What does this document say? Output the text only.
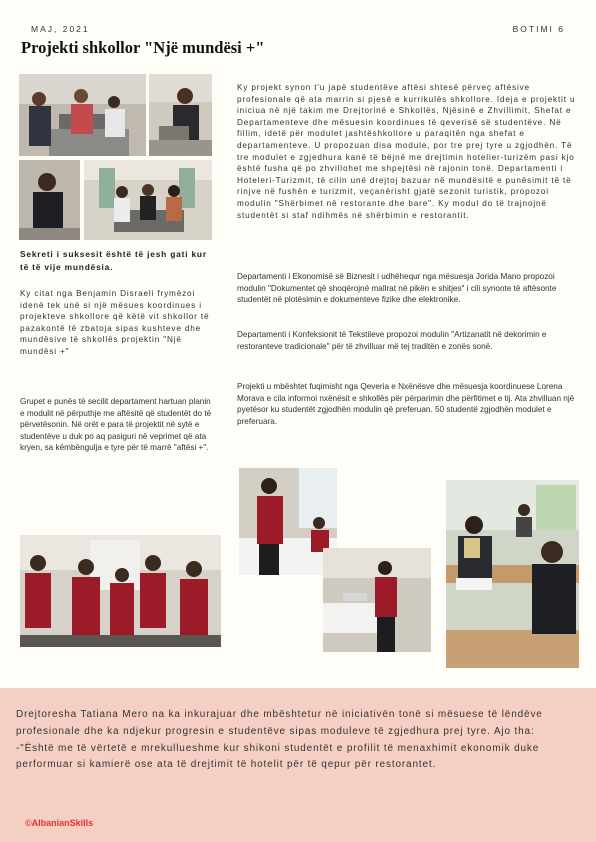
MAJ, 2021	BOTIMI 6
Projekti shkollor "Një mundësi +"

Sekreti i suksesit është të jesh gati kur të të vije mundësia.

Ky citat nga Benjamin Disraeli frymëzoi idenë tek unë si një mësues koordinues i projekteve shkollore që këtë vit shkollor të pazakontë të zbatoja sipas kushteve dhe mundësive të shkollës projektin "Një mundësi +"

Grupet e punës të secilit departament hartuan planin e modulit në përputhje me aftësitë që studentët do të përvetësonin. Në orët e para të projektit në sytë e studentëve u duk po aq pasiguri në veprimet që ata kryen, sa këmbëngulja e tyre për të marrë "aftësi +".

Ky projekt synon t'u japë studentëve aftësi shtesë përveç aftësive profesionale që ata marrin si pjesë e kurrikulës shkollore. Ideja e projektit u iniciua në një takim me Drejtorinë e Shkollës, Njësinë e Zhvillimit, Shefat e Departamenteve dhe mësuesin koordinues të qeverisë së studentëve. Në fillim, idetë për modulet jashtëshkollore u paraqitën nga shefat e departamenteve. U propozuan disa module, por tre prej tyre u zgjodhën. Të tre modulet e zgjedhura kanë të bëjnë me drejtimin hotelier-turizëm pasi kjo është fusha që po zhvillohet me shpejtësi në rajonin tonë. Departamenti i Hoteleri-Turizmit, të cilin unë drejtoj bazuar në mundësitë e punësimit të të rinjve në fushën e turizmit, veçanërisht gjatë sezonit turistik, propozoi modulin "Shërbimet në restorante dhe bare". Ky modul do të trajnojnë studentët si staf ndihmës në shërbimin e restorantit.

Departamenti i Ekonomisë së Biznesit i udhëhequr nga mësuesja Jorida Mano propozoi modulin "Dokumentet që shoqërojnë mallrat në pikën e shitjes" i cili synonte të aftësonte studentët në plotësimin e dokumenteve fizike dhe elektronike.

Departamenti i Konfeksionit të Tekstileve propozoi modulin "Artizanatit në dekorimin e restoranteve tradicionale" për të zhvilluar më tej traditën e zonës sonë.

Projekti u mbështet fuqimisht nga Qeveria e Nxënësve dhe mësuesja koordinuese Lorena Morava e cila informoi nxënësit e shkollës për përparimin dhe përfitimet e tij. Ata zhvilluan një pyetësor ku studentët zgjodhën modulin që preferuan. 50 studentë zgjodhën modulet e preferuara.

Drejtoresha Tatiana Mero na ka inkurajuar dhe mbështetur në iniciativën tonë si mësuese të lëndëve profesionale dhe ka ndjekur progresin e studentëve sipas moduleve të zgjedhura prej tyre. Ajo tha:
-"Është me të vërtetë e mrekullueshme kur shikoni studentët e profilit të menaxhimit ekonomik duke performuar si kamierë ose ata të drejtimit të hotelit për të qepur për restorantet.

©AlbanianSkills
